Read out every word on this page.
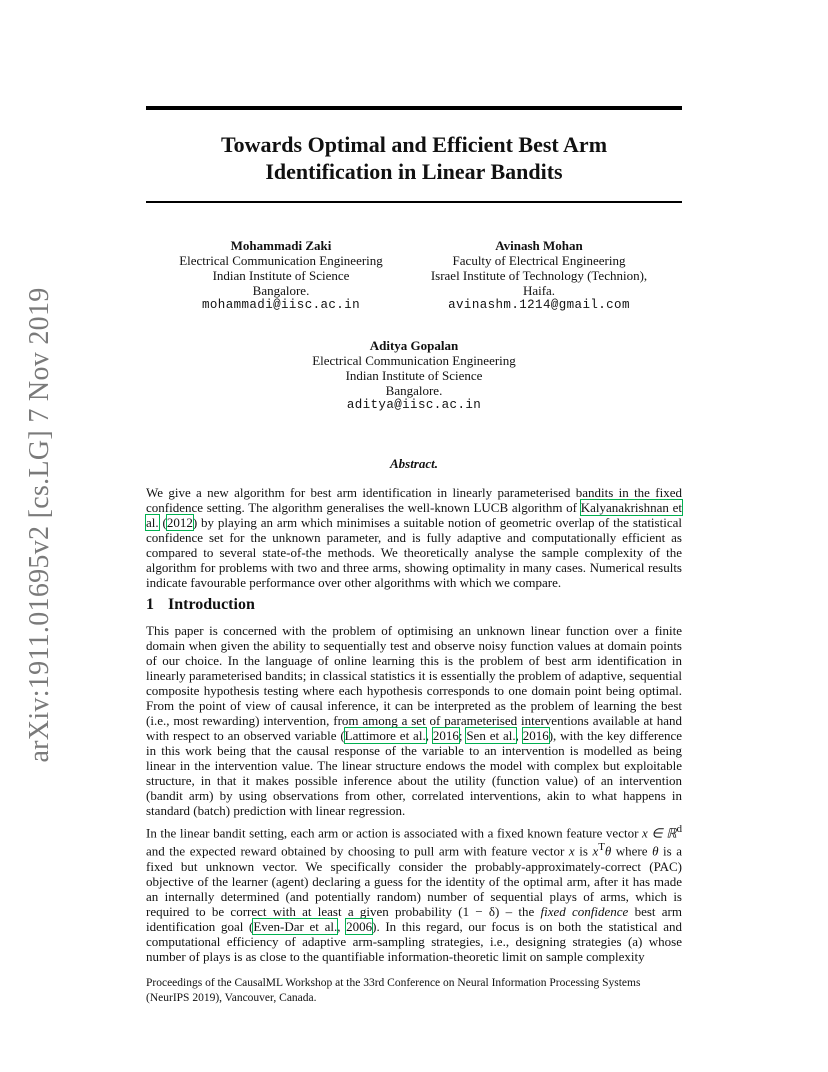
arXiv:1911.01695v2 [cs.LG] 7 Nov 2019
Towards Optimal and Efficient Best Arm
Identification in Linear Bandits
Mohammadi Zaki
Electrical Communication Engineering
Indian Institute of Science
Bangalore.
mohammadi@iisc.ac.in
Avinash Mohan
Faculty of Electrical Engineering
Israel Institute of Technology (Technion),
Haifa.
avinashm.1214@gmail.com
Aditya Gopalan
Electrical Communication Engineering
Indian Institute of Science
Bangalore.
aditya@iisc.ac.in
Abstract.
We give a new algorithm for best arm identification in linearly parameterised bandits in the fixed confidence setting. The algorithm generalises the well-known LUCB algorithm of Kalyanakrishnan et al. (2012) by playing an arm which minimises a suitable notion of geometric overlap of the statistical confidence set for the unknown parameter, and is fully adaptive and computationally efficient as compared to several state-of-the methods. We theoretically analyse the sample complexity of the algorithm for problems with two and three arms, showing optimality in many cases. Numerical results indicate favourable performance over other algorithms with which we compare.
1 Introduction
This paper is concerned with the problem of optimising an unknown linear function over a finite domain when given the ability to sequentially test and observe noisy function values at domain points of our choice. In the language of online learning this is the problem of best arm identification in linearly parameterised bandits; in classical statistics it is essentially the problem of adaptive, sequential composite hypothesis testing where each hypothesis corresponds to one domain point being optimal. From the point of view of causal inference, it can be interpreted as the problem of learning the best (i.e., most rewarding) intervention, from among a set of parameterised interventions available at hand with respect to an observed variable (Lattimore et al., 2016; Sen et al., 2016), with the key difference in this work being that the causal response of the variable to an intervention is modelled as being linear in the intervention value. The linear structure endows the model with complex but exploitable structure, in that it makes possible inference about the utility (function value) of an intervention (bandit arm) by using observations from other, correlated interventions, akin to what happens in standard (batch) prediction with linear regression.
In the linear bandit setting, each arm or action is associated with a fixed known feature vector x ∈ ℝ$^d$ and the expected reward obtained by choosing to pull arm with feature vector x is $x^T\theta$ where θ is a fixed but unknown vector. We specifically consider the probably-approximately-correct (PAC) objective of the learner (agent) declaring a guess for the identity of the optimal arm, after it has made an internally determined (and potentially random) number of sequential plays of arms, which is required to be correct with at least a given probability (1 − δ) – the fixed confidence best arm identification goal (Even-Dar et al., 2006). In this regard, our focus is on both the statistical and computational efficiency of adaptive arm-sampling strategies, i.e., designing strategies (a) whose number of plays is as close to the quantifiable information-theoretic limit on sample complexity
Proceedings of the CausalML Workshop at the 33rd Conference on Neural Information Processing Systems (NeurIPS 2019), Vancouver, Canada.
